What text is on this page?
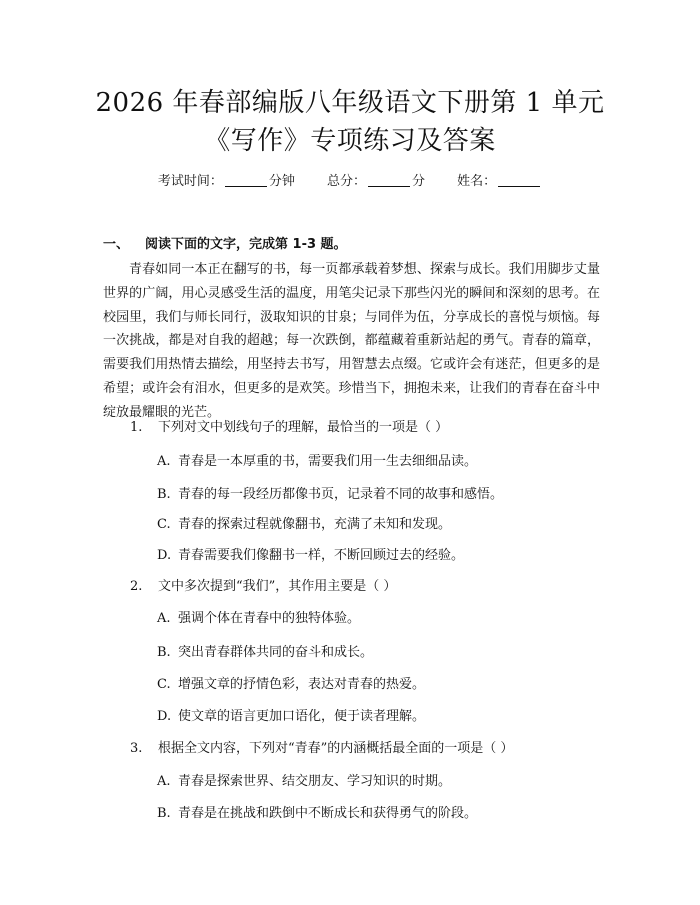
2026 年春部编版八年级语文下册第 1 单元
《写作》专项练习及答案
考试时间：	分钟 总分：	分 姓名：
一、 阅读下面的文字，完成第 1-3 题。

青春如同一本正在翻写的书，每一页都承载着梦想、探索与成长。我们用脚步丈量世界的广阔，用心灵感受生活的温度，用笔尖记录下那些闪光的瞬间和深刻的思考。在校园里，我们与师长同行，汲取知识的甘泉；与同伴为伍，分享成长的喜悦与烦恼。每一次挑战，都是对自我的超越；每一次跌倒，都蕴藏着重新站起的勇气。青春的篇章，需要我们用热情去描绘，用坚持去书写，用智慧去点缀。它或许会有迷茫，但更多的是希望；或许会有泪水，但更多的是欢笑。珍惜当下，拥抱未来，让我们的青春在奋斗中绽放最耀眼的光芒。

1. 下列对文中划线句子的理解，最恰当的一项是（ ）
A. 青春是一本厚重的书，需要我们用一生去细细品读。
B. 青春的每一段经历都像书页，记录着不同的故事和感悟。
C. 青春的探索过程就像翻书，充满了未知和发现。
D. 青春需要我们像翻书一样，不断回顾过去的经验。
2. 文中多次提到“我们”，其作用主要是（ ）
A. 强调个体在青春中的独特体验。
B. 突出青春群体共同的奋斗和成长。
C. 增强文章的抒情色彩，表达对青春的热爱。
D. 使文章的语言更加口语化，便于读者理解。
3. 根据全文内容，下列对“青春”的内涵概括最全面的一项是（ ）
A. 青春是探索世界、结交朋友、学习知识的时期。
B. 青春是在挑战和跌倒中不断成长和获得勇气的阶段。
